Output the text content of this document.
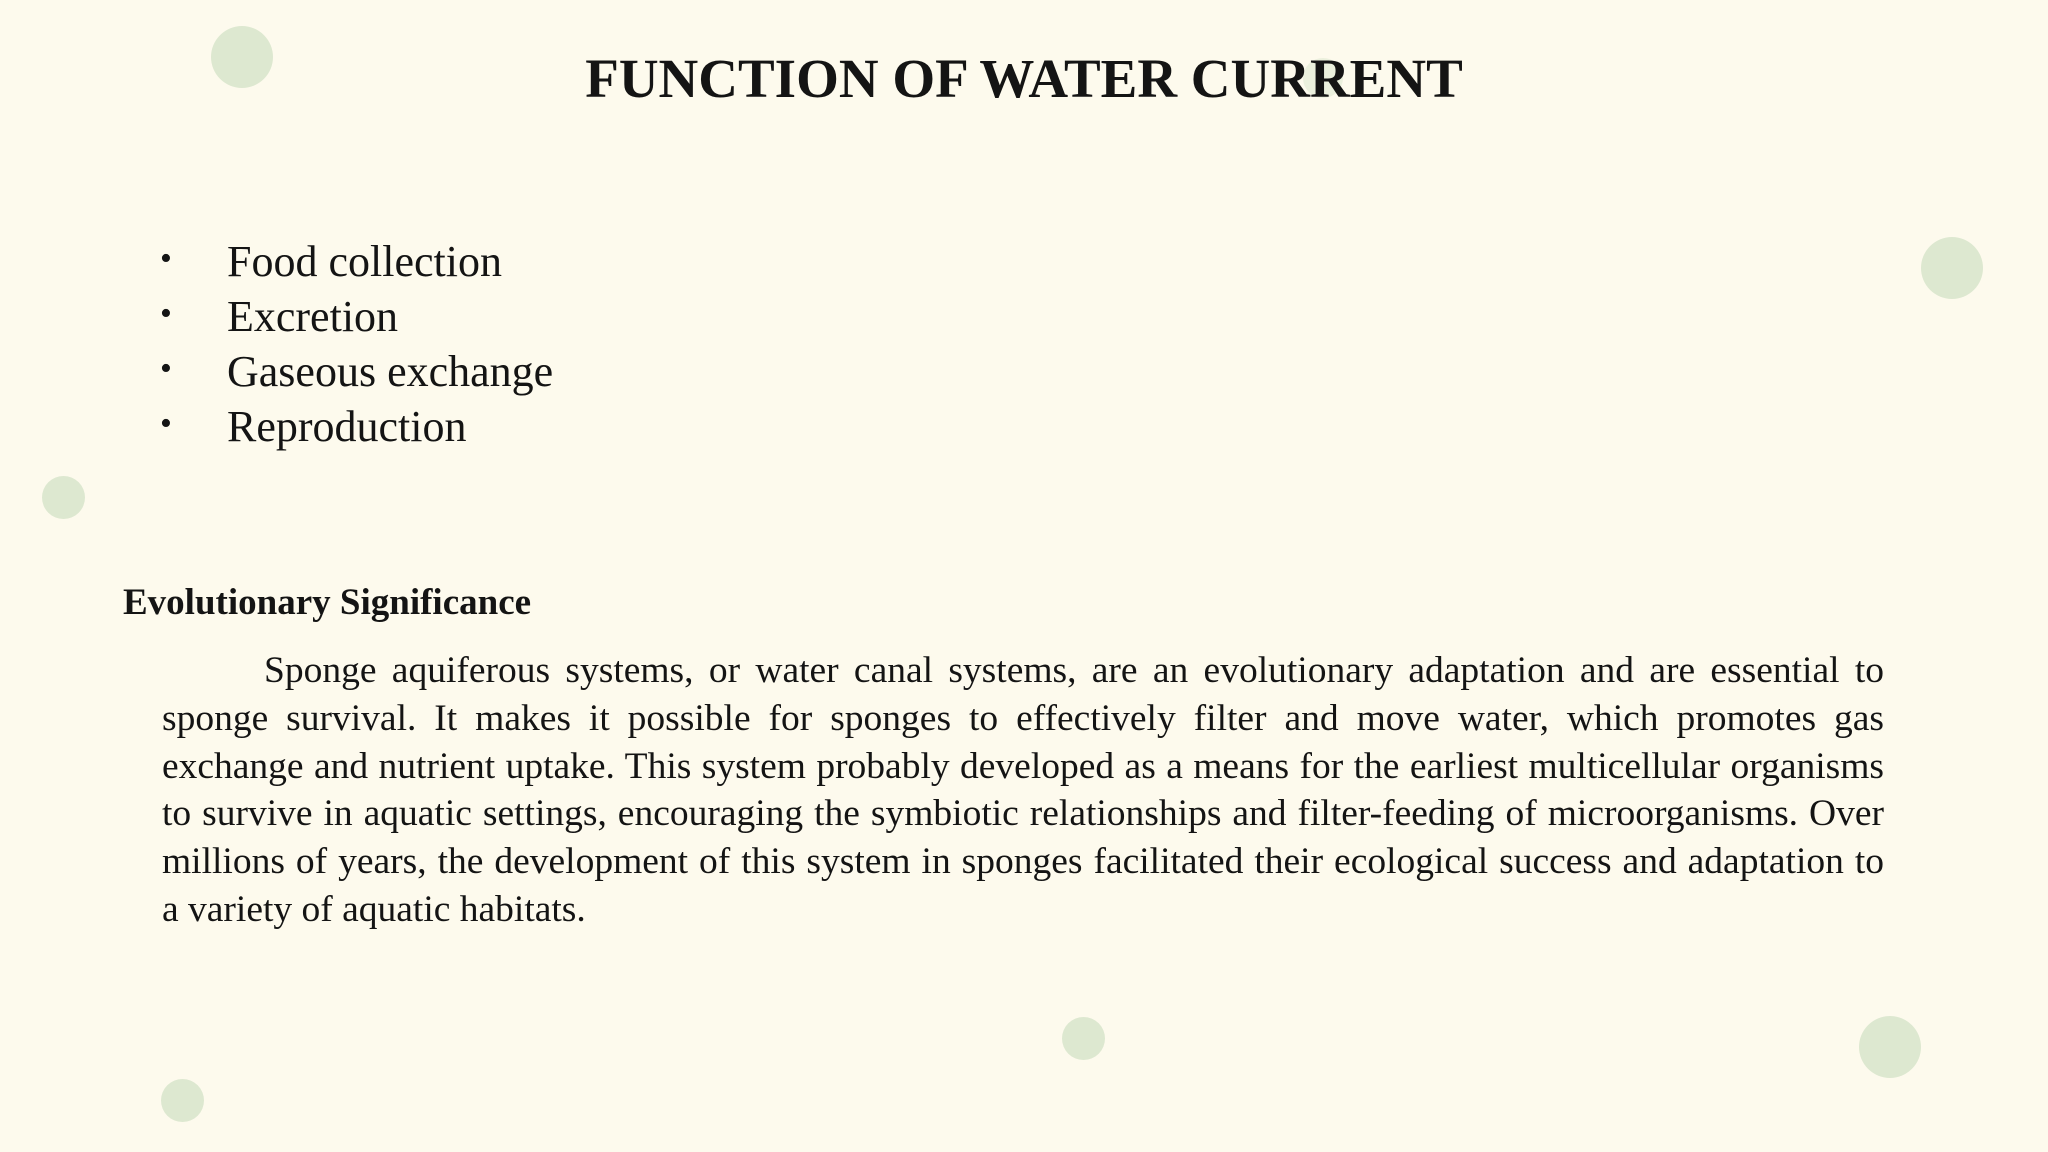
FUNCTION OF WATER CURRENT
• Food collection
• Excretion
• Gaseous exchange
• Reproduction
Evolutionary Significance

Sponge aquiferous systems, or water canal systems, are an evolutionary adaptation and are essential to sponge survival. It makes it possible for sponges to effectively filter and move water, which promotes gas exchange and nutrient uptake. This system probably developed as a means for the earliest multicellular organisms to survive in aquatic settings, encouraging the symbiotic relationships and filter-feeding of microorganisms. Over millions of years, the development of this system in sponges facilitated their ecological success and adaptation to a variety of aquatic habitats.
